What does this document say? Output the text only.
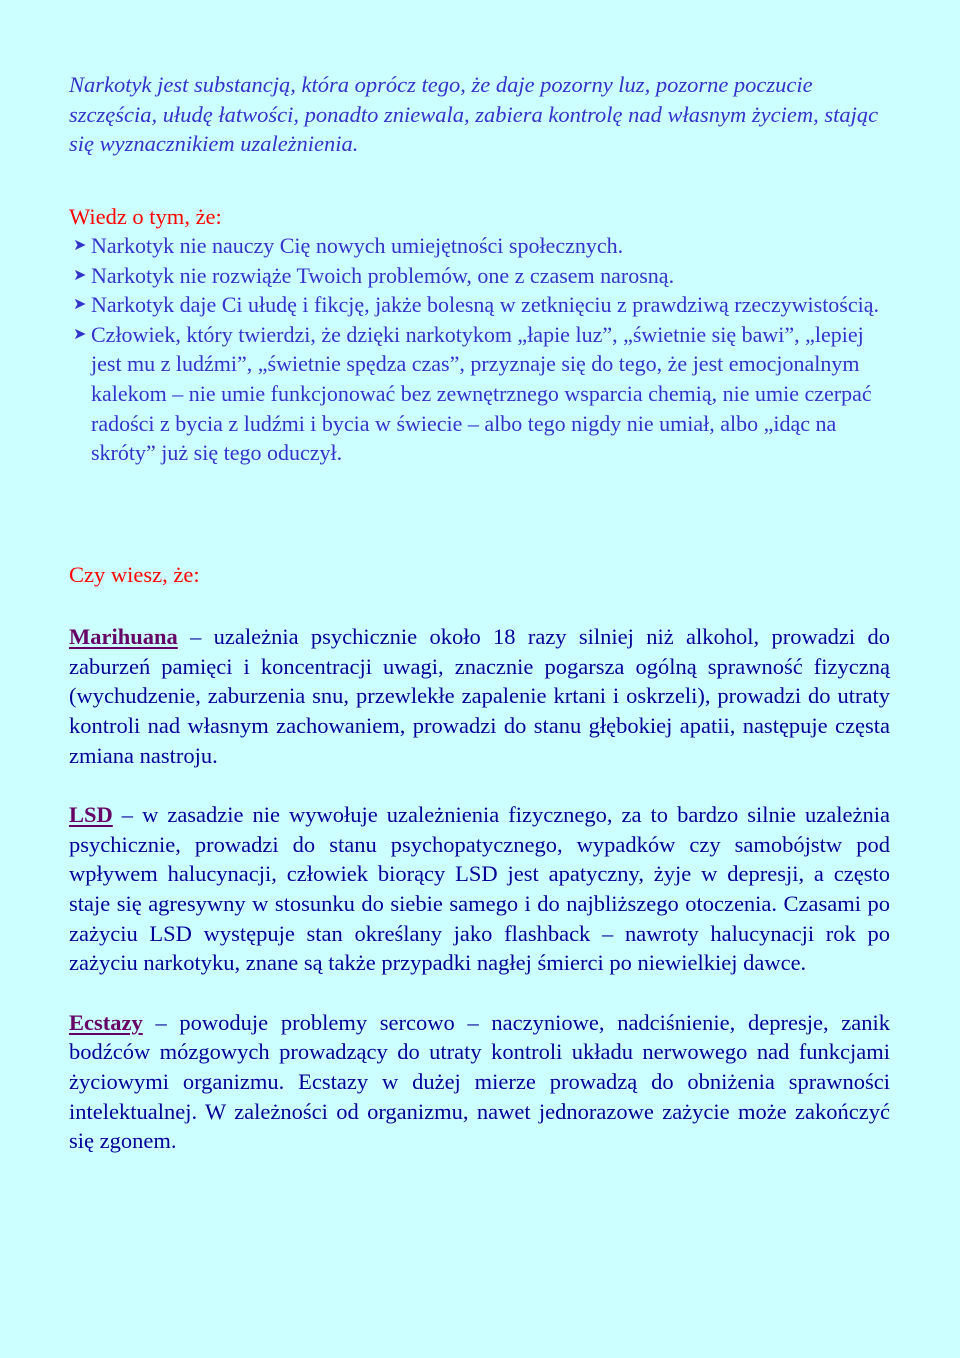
Narkotyk jest substancją, która oprócz tego, że daje pozorny luz, pozorne poczucie szczęścia, ułudę łatwości, ponadto zniewala, zabiera kontrolę nad własnym życiem, stając się wyznacznikiem uzależnienia.

Wiedz o tym, że:

➤ Narkotyk nie nauczy Cię nowych umiejętności społecznych.
➤ Narkotyk nie rozwiąże Twoich problemów, one z czasem narosną.
➤ Narkotyk daje Ci ułudę i fikcję, jakże bolesną w zetknięciu z prawdziwą rzeczywistością.
➤ Człowiek, który twierdzi, że dzięki narkotykom „łapie luz”, „świetnie się bawi”, „lepiej jest mu z ludźmi”, „świetnie spędza czas”, przyznaje się do tego, że jest emocjonalnym kalekom – nie umie funkcjonować bez zewnętrznego wsparcia chemią, nie umie czerpać radości z bycia z ludźmi i bycia w świecie – albo tego nigdy nie umiał, albo „idąc na skróty” już się tego oduczył.

Czy wiesz, że:

Marihuana – uzależnia psychicznie około 18 razy silniej niż alkohol, prowadzi do zaburzeń pamięci i koncentracji uwagi, znacznie pogarsza ogólną sprawność fizyczną (wychudzenie, zaburzenia snu, przewlekłe zapalenie krtani i oskrzeli), prowadzi do utraty kontroli nad własnym zachowaniem, prowadzi do stanu głębokiej apatii, następuje częsta zmiana nastroju.

LSD – w zasadzie nie wywołuje uzależnienia fizycznego, za to bardzo silnie uzależnia psychicznie, prowadzi do stanu psychopatycznego, wypadków czy samobójstw pod wpływem halucynacji, człowiek biorący LSD jest apatyczny, żyje w depresji, a często staje się agresywny w stosunku do siebie samego i do najbliższego otoczenia. Czasami po zażyciu LSD występuje stan określany jako flashback – nawroty halucynacji rok po zażyciu narkotyku, znane są także przypadki nagłej śmierci po niewielkiej dawce.

Ecstazy – powoduje problemy sercowo – naczyniowe, nadciśnienie, depresje, zanik bodźców mózgowych prowadzący do utraty kontroli układu nerwowego nad funkcjami życiowymi organizmu. Ecstazy w dużej mierze prowadzą do obniżenia sprawności intelektualnej. W zależności od organizmu, nawet jednorazowe zażycie może zakończyć się zgonem.
